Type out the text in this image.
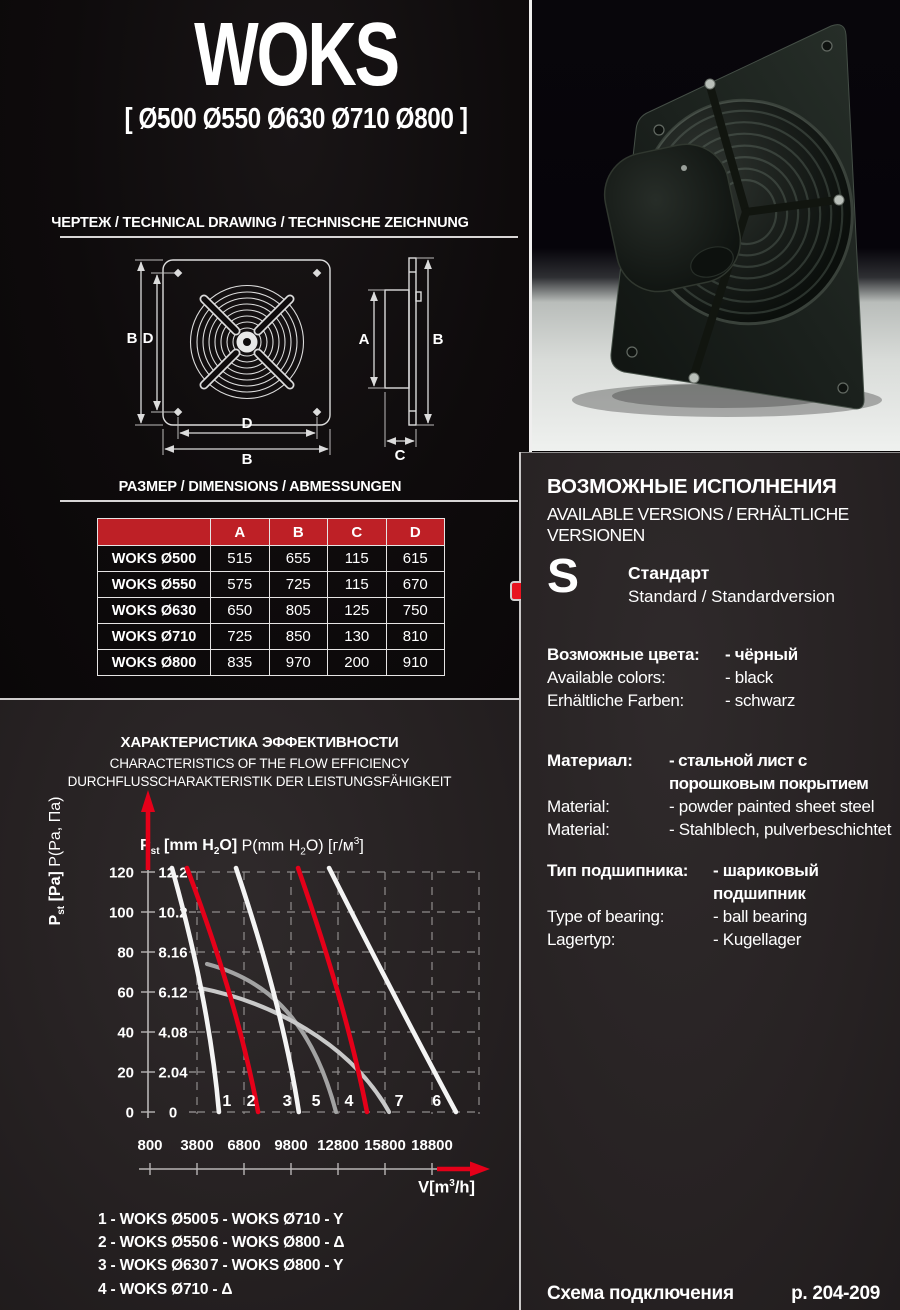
WOKS
[ Ø500 Ø550 Ø630 Ø710 Ø800 ]
ЧЕРТЕЖ / TECHNICAL DRAWING / TECHNISCHE ZEICHNUNG
B D
D
B
A	B
C
РАЗМЕР / DIMENSIONS / ABMESSUNGEN
	A	B	C	D
WOKS Ø500	515	655	115	615
WOKS Ø550	575	725	115	670
WOKS Ø630	650	805	125	750
WOKS Ø710	725	850	130	810
WOKS Ø800	835	970	200	910
ХАРАКТЕРИСТИКА ЭФФЕКТИВНОСТИ
CHARACTERISTICS OF THE FLOW EFFICIENCY
DURCHFLUSSCHARAKTERISTIK DER LEISTUNGSFÄHIGKEIT
$P_{st}$ [mm $H_2O$] P(mm $H_2O$) $[г/м^3]$
$P_{st}$ [Pa] P(Pa, Па)
120 12.2
100 10.2
80 8.16
60 6.12
40 4.08
20 2.04
0 0
800 3800 6800 9800 12800 15800 18800
1 2 3	4
5	6
7
$V[m^3/h]$
1 - WOKS Ø500
2 - WOKS Ø550
3 - WOKS Ø630
4 - WOKS Ø710 - Δ
5 - WOKS Ø710 - Y
6 - WOKS Ø800 - Δ
7 - WOKS Ø800 - Y
ВОЗМОЖНЫЕ ИСПОЛНЕНИЯ
AVAILABLE VERSIONS / ERHÄLTLICHE VERSIONEN
S	Стандарт
Standard / Standardversion
Возможные цвета:	- чёрный
Available colors:	- black
Erhältliche Farben:	- schwarz
Материал:	- стальной лист с порошковым покрытием
Material:	- powder painted sheet steel
Material:	- Stahlblech, pulverbeschichtet
Тип подшипника:	- шариковый подшипник
Type of bearing:	- ball bearing
Lagertyp:	- Kugellager
Схема подключения	p. 204-209
